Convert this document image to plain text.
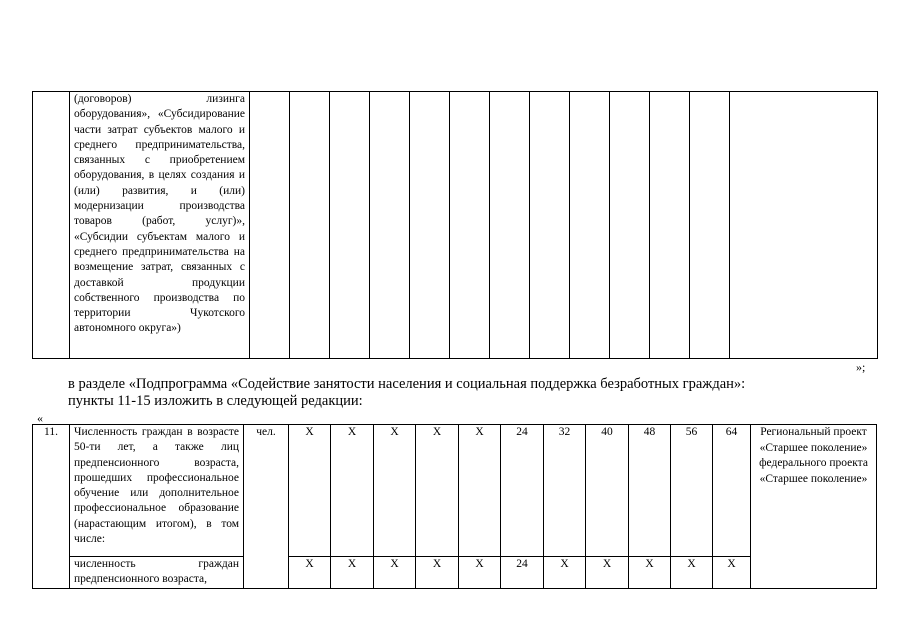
	(договоров) лизинга оборудования», «Субсидирование части затрат субъектов малого и среднего предпринимательства, связанных с приобретением оборудования, в целях создания и (или) развития, и (или) модернизации производства товаров (работ, услуг)», «Субсидии субъектам малого и среднего предпринимательства на возмещение затрат, связанных с доставкой продукции собственного производства по территории Чукотского автономного округа»)													
»;
в разделе «Подпрограмма «Содействие занятости населения и социальная поддержка безработных граждан»:
пункты 11-15 изложить в следующей редакции:
«
11.	Численность граждан в возрасте 50-ти лет, а также лиц предпенсионного возраста, прошедших профессиональное обучение или дополнительное профессиональное образование (нарастающим итогом), в том числе:	чел.	X	X	X	X	X	24	32	40	48	56	64	Региональный проект «Старшее поколение» федерального проекта «Старшее поколение»
	численность граждан предпенсионного возраста,		X	X	X	X	X	24	X	X	X	X	X	
